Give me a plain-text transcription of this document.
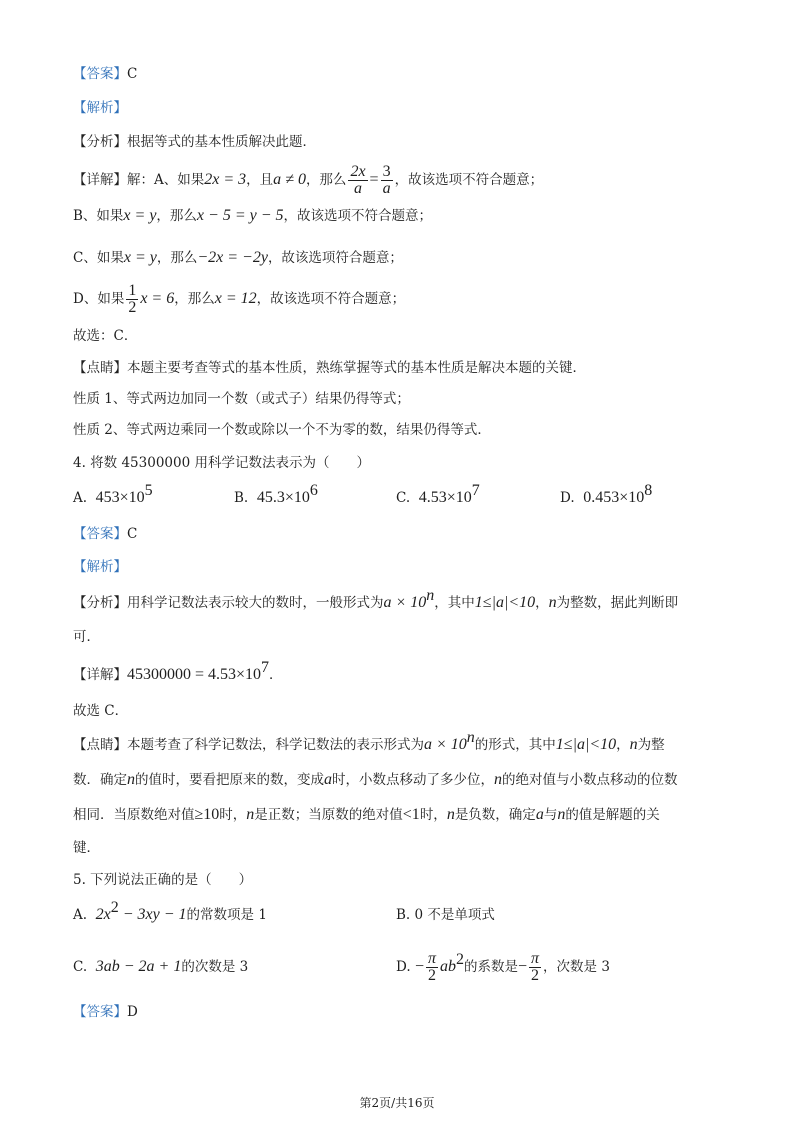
【答案】C
【解析】
【分析】根据等式的基本性质解决此题．
【详解】解：A、如果2x = 3，且a ≠ 0，那么 $\frac{2x}{a} = \frac{3}{a}$ ，故该选项不符合题意；
B、如果x = y，那么x − 5 = y − 5，故该选项不符合题意；
C、如果x = y，那么−2x = −2y，故该选项符合题意；
D、如果 $\frac{1}{2}$ x = 6，那么x = 12，故该选项不符合题意；
故选：C．
【点睛】本题主要考查等式的基本性质，熟练掌握等式的基本性质是解决本题的关键．
性质 1、等式两边加同一个数（或式子）结果仍得等式；
性质 2、等式两边乘同一个数或除以一个不为零的数，结果仍得等式．
4. 将数 45300000 用科学记数法表示为（　　）
A. $453\times 10^5$	B. $45.3\times 10^6$	C. $4.53\times 10^7$	D. $0.453\times 10^8$
【答案】C
【解析】
【分析】用科学记数法表示较大的数时，一般形式为$a \times 10^n$，其中1≤|a|<10，n为整数，据此判断即
可．
【详解】$45300000 = 4.53\times 10^7$．
故选 C．
【点睛】本题考查了科学记数法，科学记数法的表示形式为$a \times 10^n$的形式，其中1≤|a|<10，n为整
数．确定n的值时，要看把原来的数，变成a时，小数点移动了多少位，n的绝对值与小数点移动的位数
相同．当原数绝对值≥10时，n是正数；当原数的绝对值<1时，n是负数，确定a与n的值是解题的关
键．
5. 下列说法正确的是（　　）
A. $2x^2 - 3xy - 1$的常数项是 1	B. 0 不是单项式
C. 3ab − 2a + 1的次数是 3	D. − $\frac{\pi}{2} ab^2$的系数是− $\frac{\pi}{2}$ ，次数是 3
【答案】D
第2页/共16页
